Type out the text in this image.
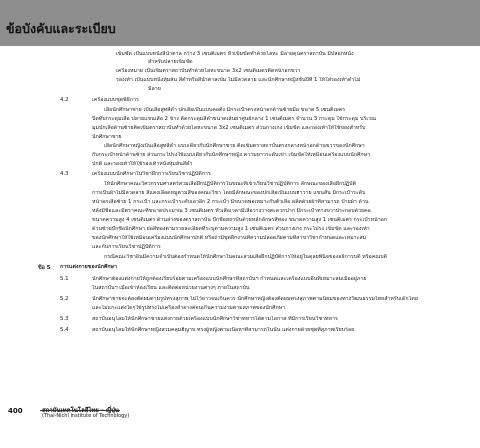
ข้อบังคับและระเบียบ
เข็มชัด เป็นแบบหนังสีน้ำตาล กว้าง 3 เซนติเมตร หัวเข็มขัดทำด้วยโลหะ มีลายดุนตราสถาบัน มีปลอกหนัง
สำหรับปลายเข็มขัด
เครื่องหมาย เป็นเข็มตราสถาบันทำด้วยโลหะขนาด 3x2 เซนติเมตรติดหน้าอกขวา
รองเท้า เป็นแบบหนังหุ้มส้น สีดำหรือสีน้ำตาลเข้ม ไม่มีลวดลาย และนักศึกษาหญิงชั้นปีที่ 1 ให้ใส่รองเท้าดำไม่
มีลาย
4.2	เครื่องแบบชุดพิธีการ
เสื้อนักศึกษาชาย เป็นเสื้อสูทสีดำ ปกเสื้อเป็นแบบคอตั้ง มีกระเป๋าตรงหน้าอกด้านซ้ายมือ ขนาด 5 เซนติเมตร
ปิดทับกระดุมเสื้อ ปลายแขนเสื้อ 2 ข้าง ติดกระดุมสีดำขนาดเส้นผ่าศูนย์กลาง 1 เซนติเมตร จำนวน 3 กระดุม ใช้กระดุม บริเวณ
มุมปกเสื้อด้านซ้ายติดเข็มตราสถาบันทำด้วยโลหะขนาด 3x2 เซนติเมตร ส่วนกางเกง เข็มขัด และรองเท้าให้ใช้ของสำหรับ
นักศึกษาชาย
เสื้อนักศึกษาหญิงเป็นเสื้อสูทสีดำ แบบเดียวกับนักศึกษาชาย ติดเข็มตราสถาบันตรงกลางหน้าอกด้านขวาของนักศึกษา
กับกระเป๋าหน้าด้านซ้าย ส่วนกระโปรงใช้แบบเดียวกับนักศึกษาหญิง ความยาวระดับเข่า เข็มขัดให้เหมือนเครื่องแบบนักศึกษา
ปกติ และรองเท้าให้ใช้รองเท้าหนังหุ้มส้นสีดำ
4.3	เครื่องแบบนักศึกษาในวิชาฝึกการเรียนวิชาปฏิบัติการ
ให้นักศึกษาคณะวิศวกรรมศาสตร์สวมเสื้อฝึกปฏิบัติการในขณะที่เข้าเรียนวิชาปฏิบัติการ ลักษณะของเสื้อฝึกปฏิบัติ
การเป็นผ้าไม่มีลวดลาย สีแดงเลือดหมูตามสีของคณะวิชา โดยมีลักษณะของปกเสื้อเป็นแบบฮาวาย แขนสั้น มีกระเป๋าระดับ
หน้าอกเสื้อซ้าย 1 กระเป๋า และกระเป๋าระดับเอวอีก 2 กระเป๋า มีขนาดพอเหมาะกับตัวเสื้อ ผลิตด้วยผ้าที่สามารถ ป้ายผ้า ด้าน
หลังมีชื่อและมีตราคณะที่ขนาดประมาณ 3 เซนติเมตร หัวเสื้อเวลามีเสื้อวางวางสะดวกปาก มีกระเป๋าทางขวาประกอบด้วยคอ
ขนาดความสูง 4 เซนติเมตร ด้านล่างของตราสถาบัน ปักชื่อสถาบันด้วยหลักอักษรสีทอง ขนาดความสูง 1 เซนติเมตร กระเป๋าหน้าอก
ด้านซ้ายปักชื่อนักศึกษา ย่อสีทองตามรายละเอียดที่ระบุตามความสูง 1 เซนติเมตร ส่วนกางเกง กระโปรง เข็มขัด และรองเท้า
ของนักศึกษาให้ใช้เหมือนเครื่องแบบนักศึกษาปกติ หรือถ้ามีชุดฝึกงานที่ความปลอดภัยตามที่สาขาวิชากำหนดและเหมาะสม
และกับการเรียนวิชาปฏิบัติการ
กรณีคณะวิชาอื่นมีความจำเป็นต้องกำหนดให้นักศึกษาในคณะสวมเสื้อฝึกปฏิบัติการให้อยู่ในดุลยพินิจของอธิการบดี หรือคณบดี
ข้อ 5 การแต่งกายของนักศึกษา
5.1	นักศึกษาต้องแต่งกายให้ถูกต้องเรียบร้อยตามเครื่องแบบนักศึกษาที่สถาบันฯ กำหนดและเครื่องแบบอื่นที่เหมาะสมเมื่ออยู่ภาย
ในสถาบันฯ เมื่อเข้าห้องเรียน และติดต่อหน่วยงานต่างๆ ภายในสถาบัน
5.2	นักศึกษาชายจะต้องตัดผมตามรูปทรงสุภาพ ไม่ไว้ยาวจนเกินควร นักศึกษาหญิงต้องตัดผมทรงสุภาพตามนิยมของทางวัฒนธรรมไทยสำหรับเด็กโดย
และไม่แกะแต่งใดๆใช้รูปทรงไม่เครื่องสำอางค์จนเกินความงามตามสภาพของนักศึกษา
5.3	สถาบันอนุโลมให้นักศึกษาชายแต่งกายด้วยเครื่องแบบนักศึกษาวิชาทหารได้ตามโอกาส ที่มีการเรียนวิชาทหาร
5.4	สถาบันอนุโลมให้นักศึกษาหญิงสวมคลุมฮิญาบ ทรงผู้หญิงตามเนื้อหาที่สามารถในนั้น แต่งกายด้วยชุดที่สุภาพเรียบร้อย
400
(Thai-Nichi Institute of Technology)
